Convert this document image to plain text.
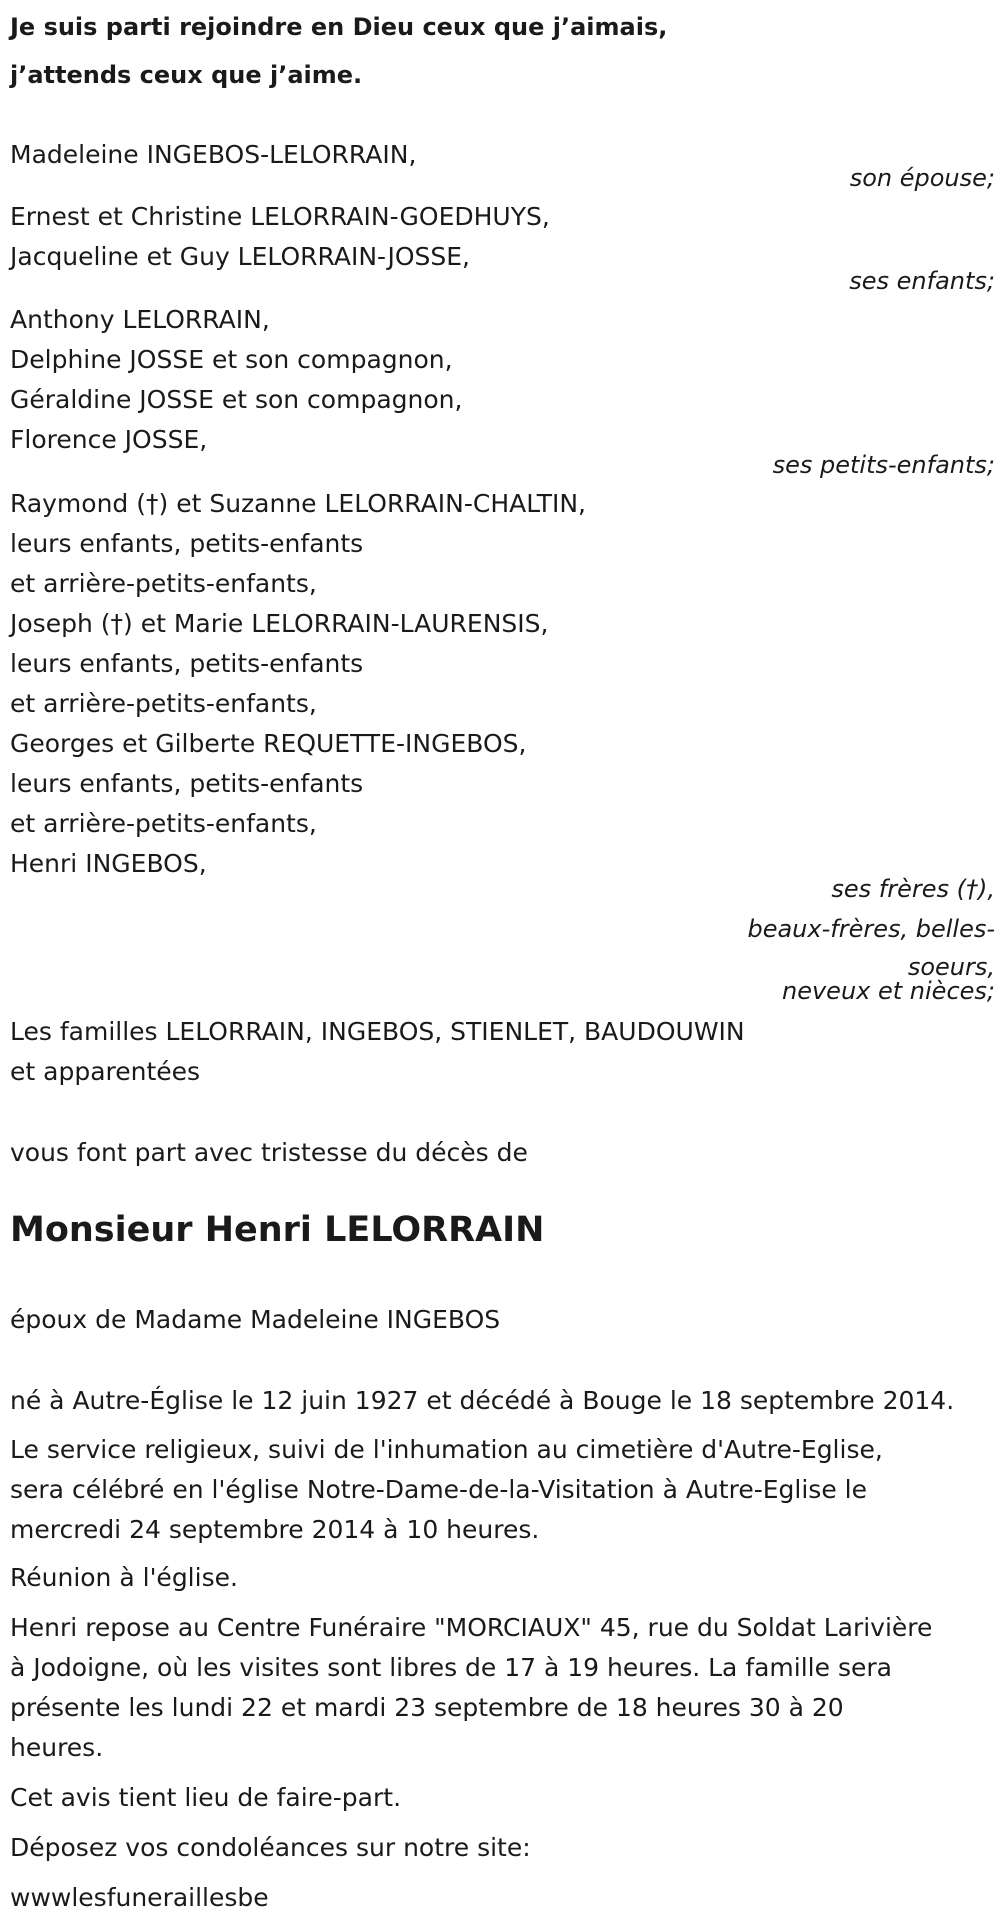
Je suis parti rejoindre en Dieu ceux que j’aimais,
j’attends ceux que j’aime.
Madeleine INGEBOS-LELORRAIN,
son épouse;
Ernest et Christine LELORRAIN-GOEDHUYS,
Jacqueline et Guy LELORRAIN-JOSSE,
ses enfants;
Anthony LELORRAIN,
Delphine JOSSE et son compagnon,
Géraldine JOSSE et son compagnon,
Florence JOSSE,
ses petits-enfants;
Raymond (†) et Suzanne LELORRAIN-CHALTIN,
leurs enfants, petits-enfants
et arrière-petits-enfants,
Joseph (†) et Marie LELORRAIN-LAURENSIS,
leurs enfants, petits-enfants
et arrière-petits-enfants,
Georges et Gilberte REQUETTE-INGEBOS,
leurs enfants, petits-enfants
et arrière-petits-enfants,
Henri INGEBOS,
ses frères (†),
beaux-frères, belles-
soeurs,
neveux et nièces;
Les familles LELORRAIN, INGEBOS, STIENLET, BAUDOUWIN
et apparentées
vous font part avec tristesse du décès de
Monsieur Henri LELORRAIN
époux de Madame Madeleine INGEBOS
né à Autre-Église le 12 juin 1927 et décédé à Bouge le 18 septembre 2014.
Le service religieux, suivi de l'inhumation au cimetière d'Autre-Eglise,
sera célébré en l'église Notre-Dame-de-la-Visitation à Autre-Eglise le
mercredi 24 septembre 2014 à 10 heures.
Réunion à l'église.
Henri repose au Centre Funéraire "MORCIAUX" 45, rue du Soldat Larivière
à Jodoigne, où les visites sont libres de 17 à 19 heures. La famille sera
présente les lundi 22 et mardi 23 septembre de 18 heures 30 à 20
heures.
Cet avis tient lieu de faire-part.
Déposez vos condoléances sur notre site:
wwwlesfuneraillesbe
